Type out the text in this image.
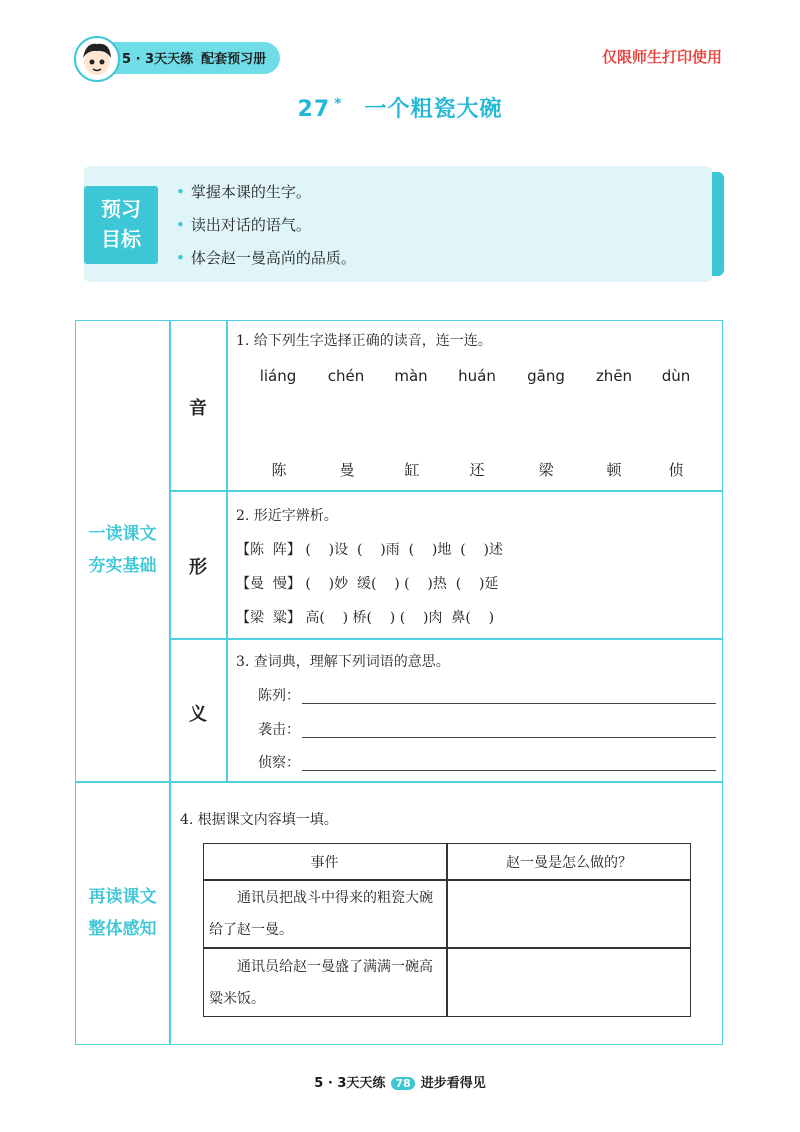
5 · 3天天练 配套预习册	仅限师生打印使用
27 * 一个粗瓷大碗
预习
目标
• 掌握本课的生字。
• 读出对话的语气。
• 体会赵一曼高尚的品质。
一读课文
夯实基础
音
1. 给下列生字选择正确的读音，连一连。
liáng	chén	màn	huán	gāng	zhēn	dùn
陈	曼	缸	还	梁	顿	侦
形
2. 形近字辨析。
【陈  阵】 (    )设  (    )雨  (    )地  (    )述
【曼  慢】 (    )妙  缓(    ) (    )热  (    )延
【梁  粱】 高(    ) 桥(    ) (    )肉  鼻(    )
义
3. 查词典，理解下列词语的意思。
陈列：
袭击：
侦察：
再读课文
整体感知
4. 根据课文内容填一填。
事件	赵一曼是怎么做的？
　　通讯员把战斗中得来的粗瓷大碗给了赵一曼。
　　通讯员给赵一曼盛了满满一碗高粱米饭。
5 · 3天天练 78 进步看得见
